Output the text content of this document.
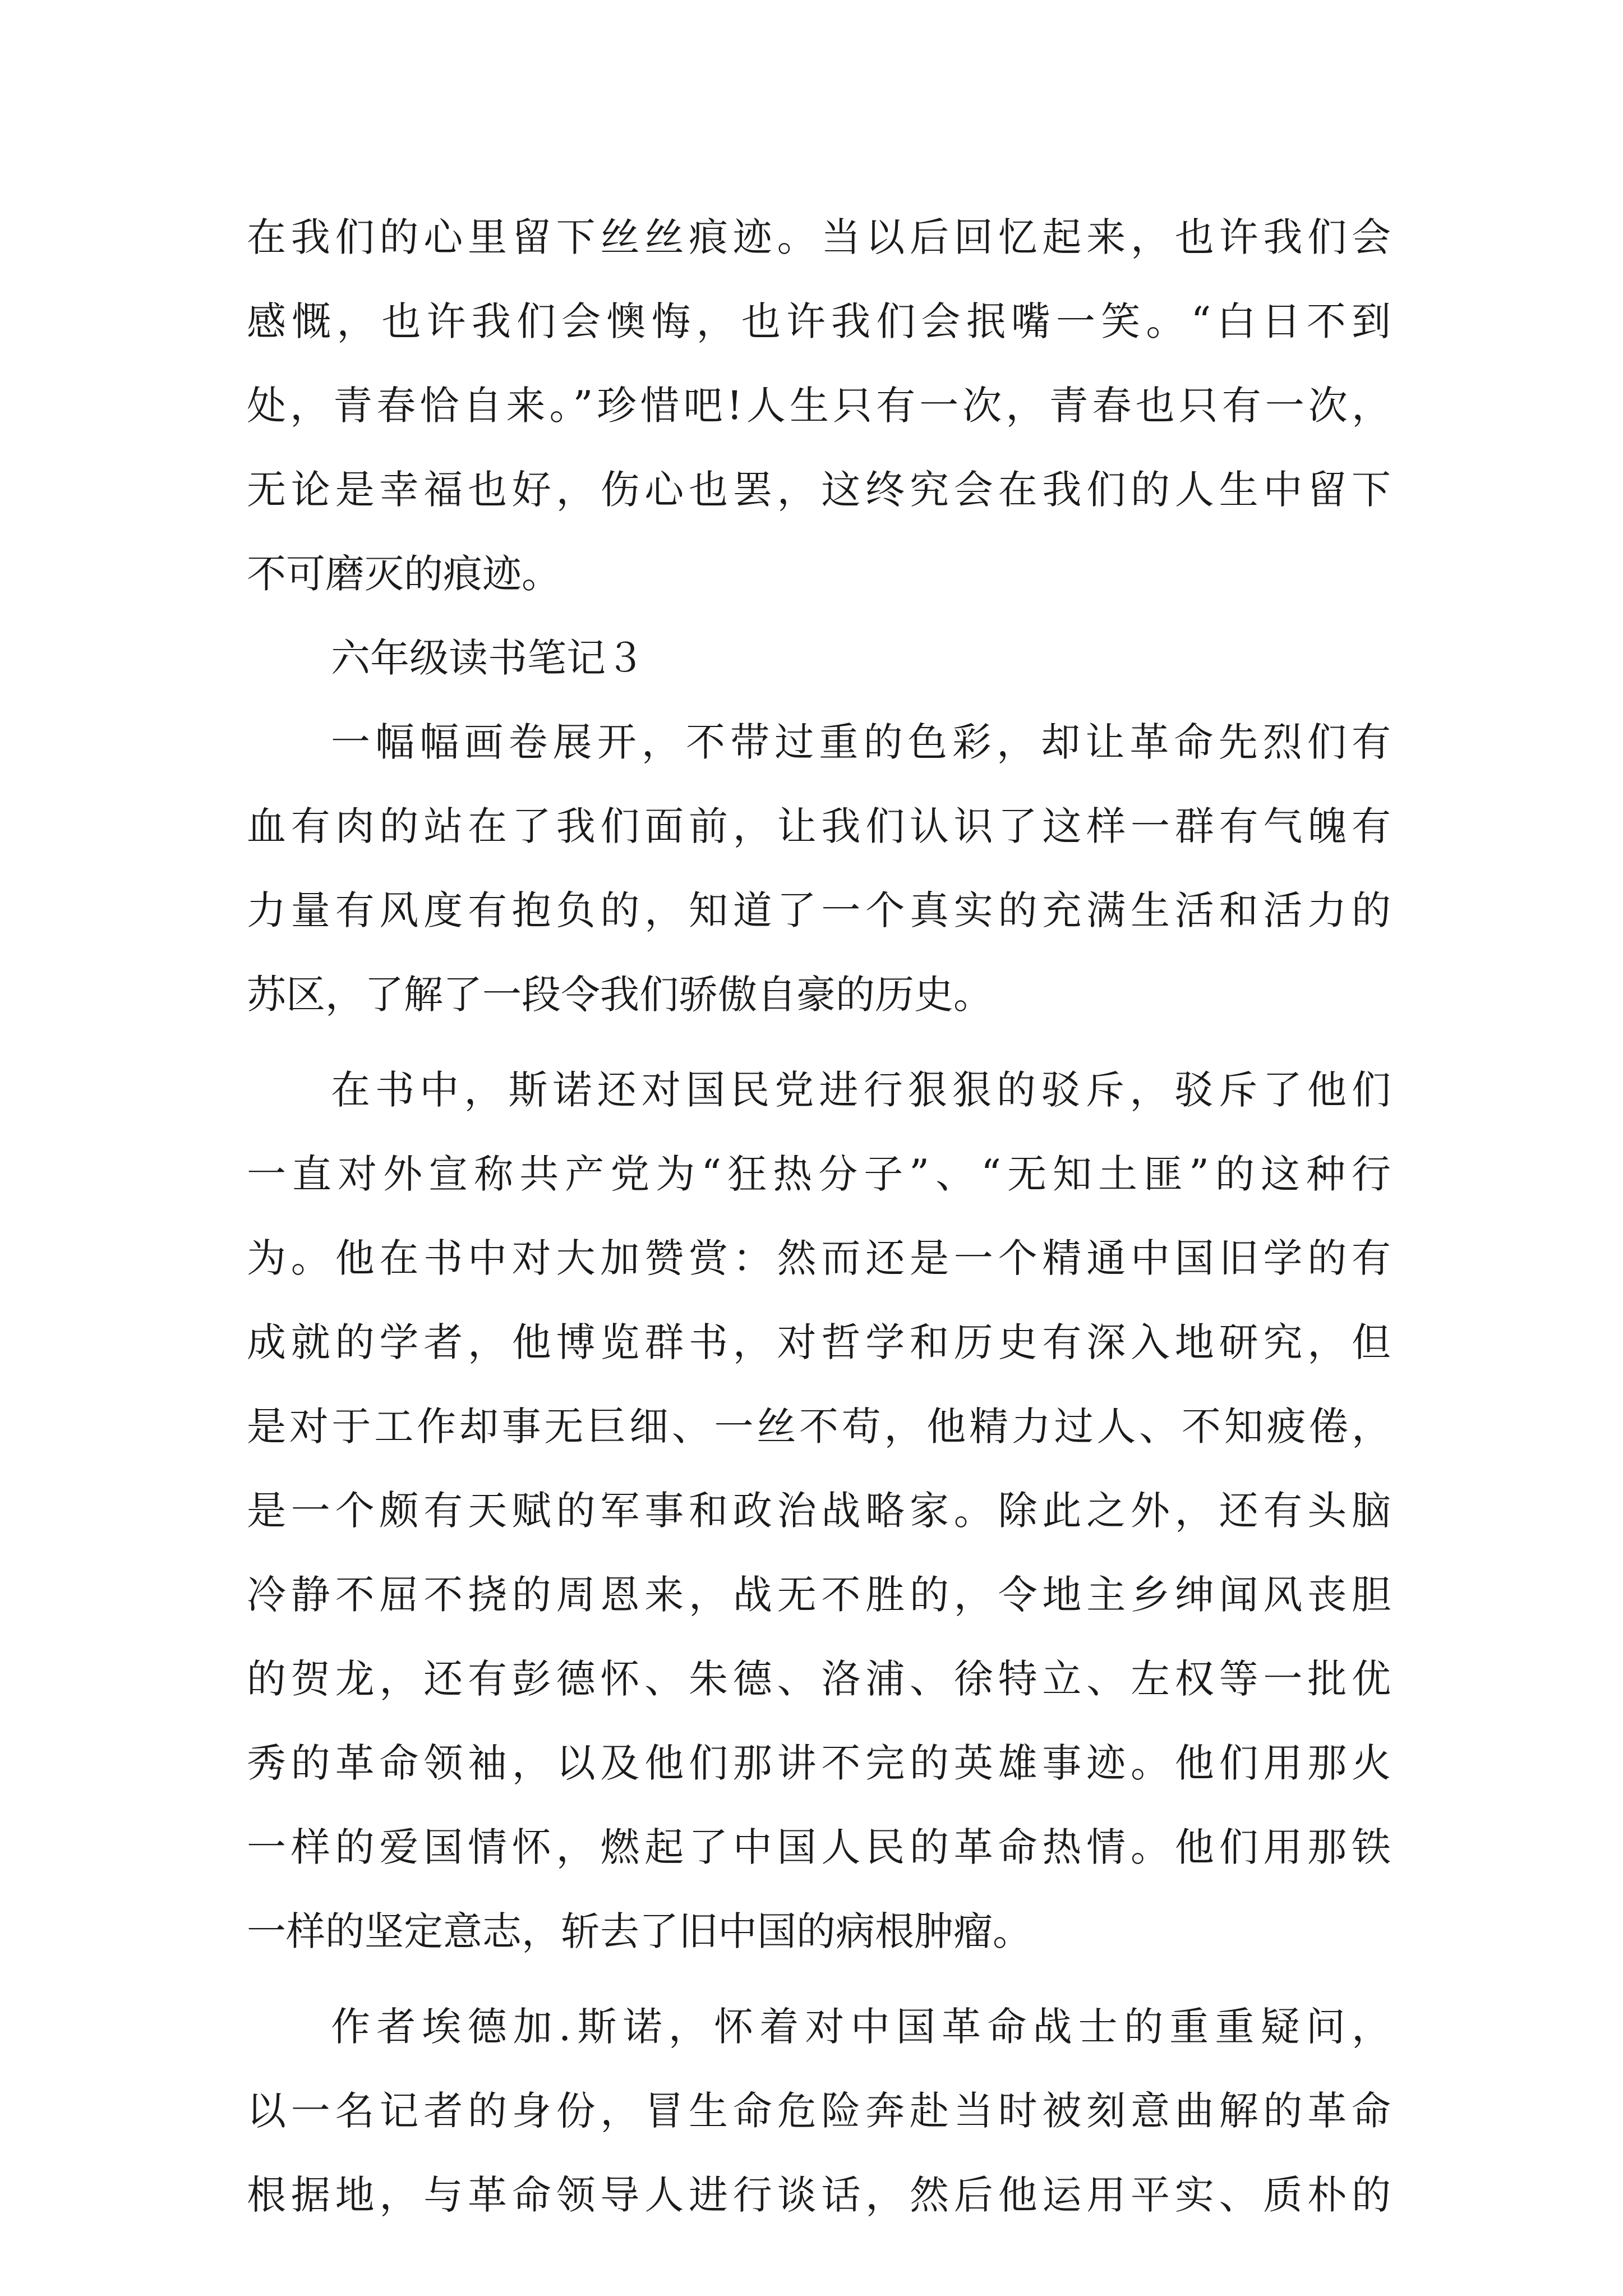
在我们的心里留下丝丝痕迹。当以后回忆起来，也许我们会
感慨，也许我们会懊悔，也许我们会抿嘴一笑。“白日不到
处，青春恰自来。”珍惜吧!人生只有一次，青春也只有一次，
无论是幸福也好，伤心也罢，这终究会在我们的人生中留下
不可磨灭的痕迹。
六年级读书笔记３
一幅幅画卷展开，不带过重的色彩，却让革命先烈们有
血有肉的站在了我们面前，让我们认识了这样一群有气魄有
力量有风度有抱负的，知道了一个真实的充满生活和活力的
苏区，了解了一段令我们骄傲自豪的历史。
在书中，斯诺还对国民党进行狠狠的驳斥，驳斥了他们
一直对外宣称共产党为“狂热分子”、“无知土匪”的这种行
为。他在书中对大加赞赏：然而还是一个精通中国旧学的有
成就的学者，他博览群书，对哲学和历史有深入地研究，但
是对于工作却事无巨细、一丝不苟，他精力过人、不知疲倦，
是一个颇有天赋的军事和政治战略家。除此之外，还有头脑
冷静不屈不挠的周恩来，战无不胜的，令地主乡绅闻风丧胆
的贺龙，还有彭德怀、朱德、洛浦、徐特立、左权等一批优
秀的革命领袖，以及他们那讲不完的英雄事迹。他们用那火
一样的爱国情怀，燃起了中国人民的革命热情。他们用那铁
一样的坚定意志，斩去了旧中国的病根肿瘤。
作者埃德加.斯诺，怀着对中国革命战士的重重疑问，
以一名记者的身份，冒生命危险奔赴当时被刻意曲解的革命
根据地，与革命领导人进行谈话，然后他运用平实、质朴的
